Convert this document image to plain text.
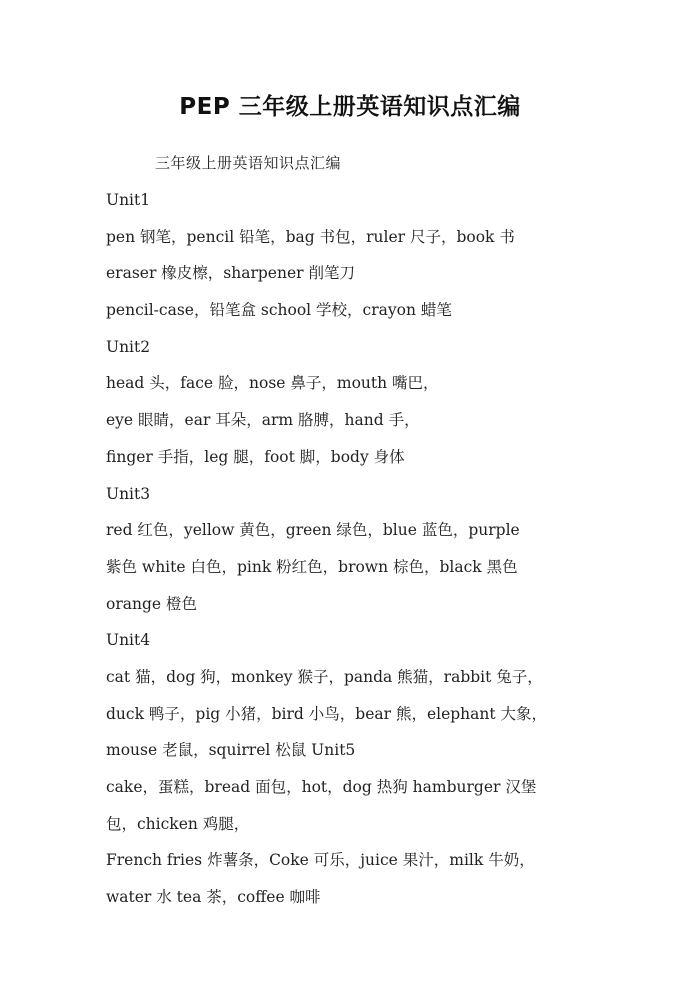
PEP 三年级上册英语知识点汇编

三年级上册英语知识点汇编

Unit1
pen 钢笔，pencil 铅笔，bag 书包，ruler 尺子，book 书
eraser 橡皮檫，sharpener 削笔刀
pencil-case，铅笔盒 school 学校，crayon 蜡笔
Unit2
head 头，face 脸，nose 鼻子，mouth 嘴巴，
eye 眼睛，ear 耳朵，arm 胳膊，hand 手，
finger 手指，leg 腿，foot 脚，body 身体
Unit3
red 红色，yellow 黄色，green 绿色，blue 蓝色，purple
紫色 white 白色，pink 粉红色，brown 棕色，black 黑色
orange 橙色
Unit4
cat 猫，dog 狗，monkey 猴子，panda 熊猫，rabbit 兔子，
duck 鸭子，pig 小猪，bird 小鸟，bear 熊，elephant 大象，
mouse 老鼠，squirrel 松鼠 Unit5
cake，蛋糕，bread 面包，hot，dog 热狗 hamburger 汉堡
包，chicken 鸡腿，
French fries 炸薯条，Coke 可乐，juice 果汁，milk 牛奶，
water 水 tea 茶，coffee 咖啡
